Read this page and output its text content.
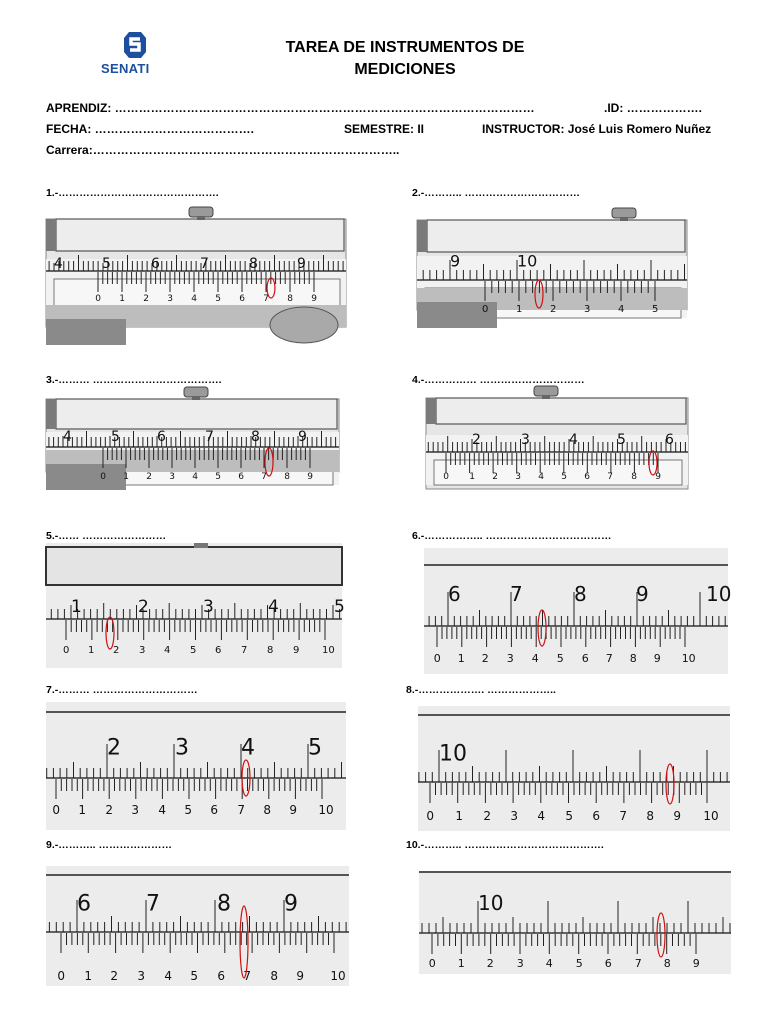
SENATI
TAREA DE INSTRUMENTOS DE
MEDICIONES
APRENDIZ: ……………………………………………………………………………………………	.ID: ……………….
FECHA: ………………………………….	SEMESTRE: II	INSTRUCTOR: José Luis Romero Nuñez
Carrera:…………………………………………………………………..
1.-……………………………………….	2.-……….. ……………………………
3.-……… ……………………………….	4.-…………… …………………………
5.-…… ……………………	6.-…………….. ………………………………
7.-……… …………………………	8.-………………. ………………..
9.-……….. …………………	10.-……….. ………………………………….
4	5	6	7	8	9
0 1 2 3 4 5 6 7 8 9
9	10
0	1	2	3	4	5
4	5	6	7	8	9
0 1 2 3 4 5 6 7 8 9
2	3	4	5	6
0 1 2 3 4 5 6 7 8 9
1	2	3	4	5
0 1 2 3 4 5 6 7 8 9 10
6 7	8 9	10
0 1 2 3 4 5 6 7 8 9 10
2 3 4 5
0 1 2 3 4 5 6 7 8 9 10
10
0 1 2 3 4 5 6 7 8 9 10
6	7	8 9
0 1 2 3 4 5 6 7 8 9 10
10
0 1 2 3 4 5 6 7 8 9
